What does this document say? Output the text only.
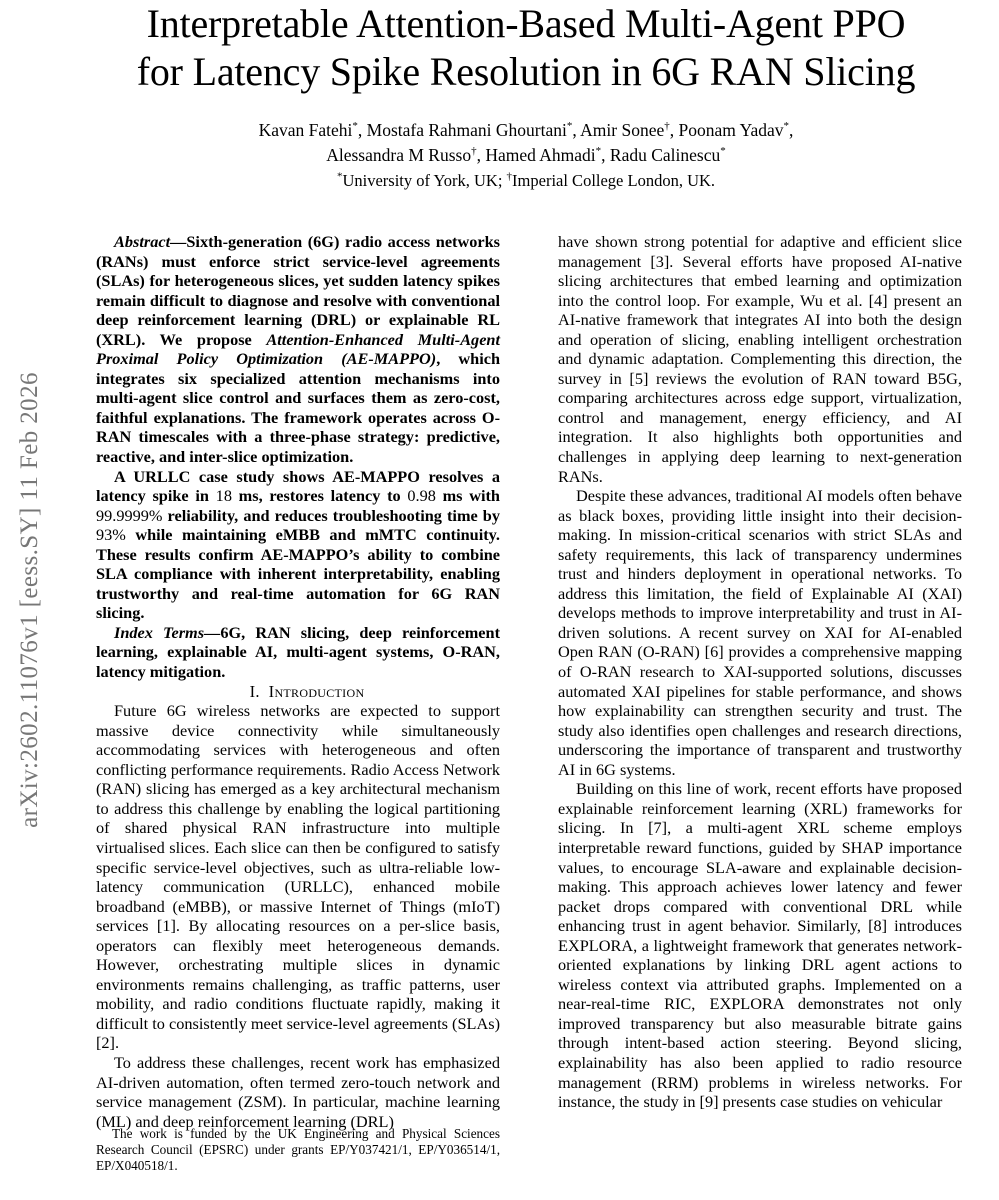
arXiv:2602.11076v1 [eess.SY] 11 Feb 2026
Interpretable Attention-Based Multi-Agent PPO
for Latency Spike Resolution in 6G RAN Slicing
Kavan Fatehi*, Mostafa Rahmani Ghourtani*, Amir Sonee†, Poonam Yadav*,
Alessandra M Russo†, Hamed Ahmadi*, Radu Calinescu*
*University of York, UK; †Imperial College London, UK.

Abstract—Sixth-generation (6G) radio access networks (RANs) must enforce strict service-level agreements (SLAs) for heterogeneous slices, yet sudden latency spikes remain difficult to diagnose and resolve with conventional deep reinforcement learning (DRL) or explainable RL (XRL). We propose Attention-Enhanced Multi-Agent Proximal Policy Optimization (AE-MAPPO), which integrates six specialized attention mechanisms into multi-agent slice control and surfaces them as zero-cost, faithful explanations. The framework operates across O-RAN timescales with a three-phase strategy: predictive, reactive, and inter-slice optimization.

A URLLC case study shows AE-MAPPO resolves a latency spike in 18 ms, restores latency to 0.98 ms with 99.9999% reliability, and reduces troubleshooting time by 93% while maintaining eMBB and mMTC continuity. These results confirm AE-MAPPO’s ability to combine SLA compliance with inherent interpretability, enabling trustworthy and real-time automation for 6G RAN slicing.

Index Terms—6G, RAN slicing, deep reinforcement learning, explainable AI, multi-agent systems, O-RAN, latency mitigation.

I. Introduction

Future 6G wireless networks are expected to support massive device connectivity while simultaneously accommodating services with heterogeneous and often conflicting performance requirements. Radio Access Network (RAN) slicing has emerged as a key architectural mechanism to address this challenge by enabling the logical partitioning of shared physical RAN infrastructure into multiple virtualised slices. Each slice can then be configured to satisfy specific service-level objectives, such as ultra-reliable low-latency communication (URLLC), enhanced mobile broadband (eMBB), or massive Internet of Things (mIoT) services [1]. By allocating resources on a per-slice basis, operators can flexibly meet heterogeneous demands. However, orchestrating multiple slices in dynamic environments remains challenging, as traffic patterns, user mobility, and radio conditions fluctuate rapidly, making it difficult to consistently meet service-level agreements (SLAs) [2].

To address these challenges, recent work has emphasized AI-driven automation, often termed zero-touch network and service management (ZSM). In particular, machine learning (ML) and deep reinforcement learning (DRL)

have shown strong potential for adaptive and efficient slice management [3]. Several efforts have proposed AI-native slicing architectures that embed learning and optimization into the control loop. For example, Wu et al. [4] present an AI-native framework that integrates AI into both the design and operation of slicing, enabling intelligent orchestration and dynamic adaptation. Complementing this direction, the survey in [5] reviews the evolution of RAN toward B5G, comparing architectures across edge support, virtualization, control and management, energy efficiency, and AI integration. It also highlights both opportunities and challenges in applying deep learning to next-generation RANs.

Despite these advances, traditional AI models often behave as black boxes, providing little insight into their decision-making. In mission-critical scenarios with strict SLAs and safety requirements, this lack of transparency undermines trust and hinders deployment in operational networks. To address this limitation, the field of Explainable AI (XAI) develops methods to improve interpretability and trust in AI-driven solutions. A recent survey on XAI for AI-enabled Open RAN (O-RAN) [6] provides a comprehensive mapping of O-RAN research to XAI-supported solutions, discusses automated XAI pipelines for stable performance, and shows how explainability can strengthen security and trust. The study also identifies open challenges and research directions, underscoring the importance of transparent and trustworthy AI in 6G systems.

Building on this line of work, recent efforts have proposed explainable reinforcement learning (XRL) frameworks for slicing. In [7], a multi-agent XRL scheme employs interpretable reward functions, guided by SHAP importance values, to encourage SLA-aware and explainable decision-making. This approach achieves lower latency and fewer packet drops compared with conventional DRL while enhancing trust in agent behavior. Similarly, [8] introduces EXPLORA, a lightweight framework that generates network-oriented explanations by linking DRL agent actions to wireless context via attributed graphs. Implemented on a near-real-time RIC, EXPLORA demonstrates not only improved transparency but also measurable bitrate gains through intent-based action steering. Beyond slicing, explainability has also been applied to radio resource management (RRM) problems in wireless networks. For instance, the study in [9] presents case studies on vehicular

The work is funded by the UK Engineering and Physical Sciences Research Council (EPSRC) under grants EP/Y037421/1, EP/Y036514/1, EP/X040518/1.
